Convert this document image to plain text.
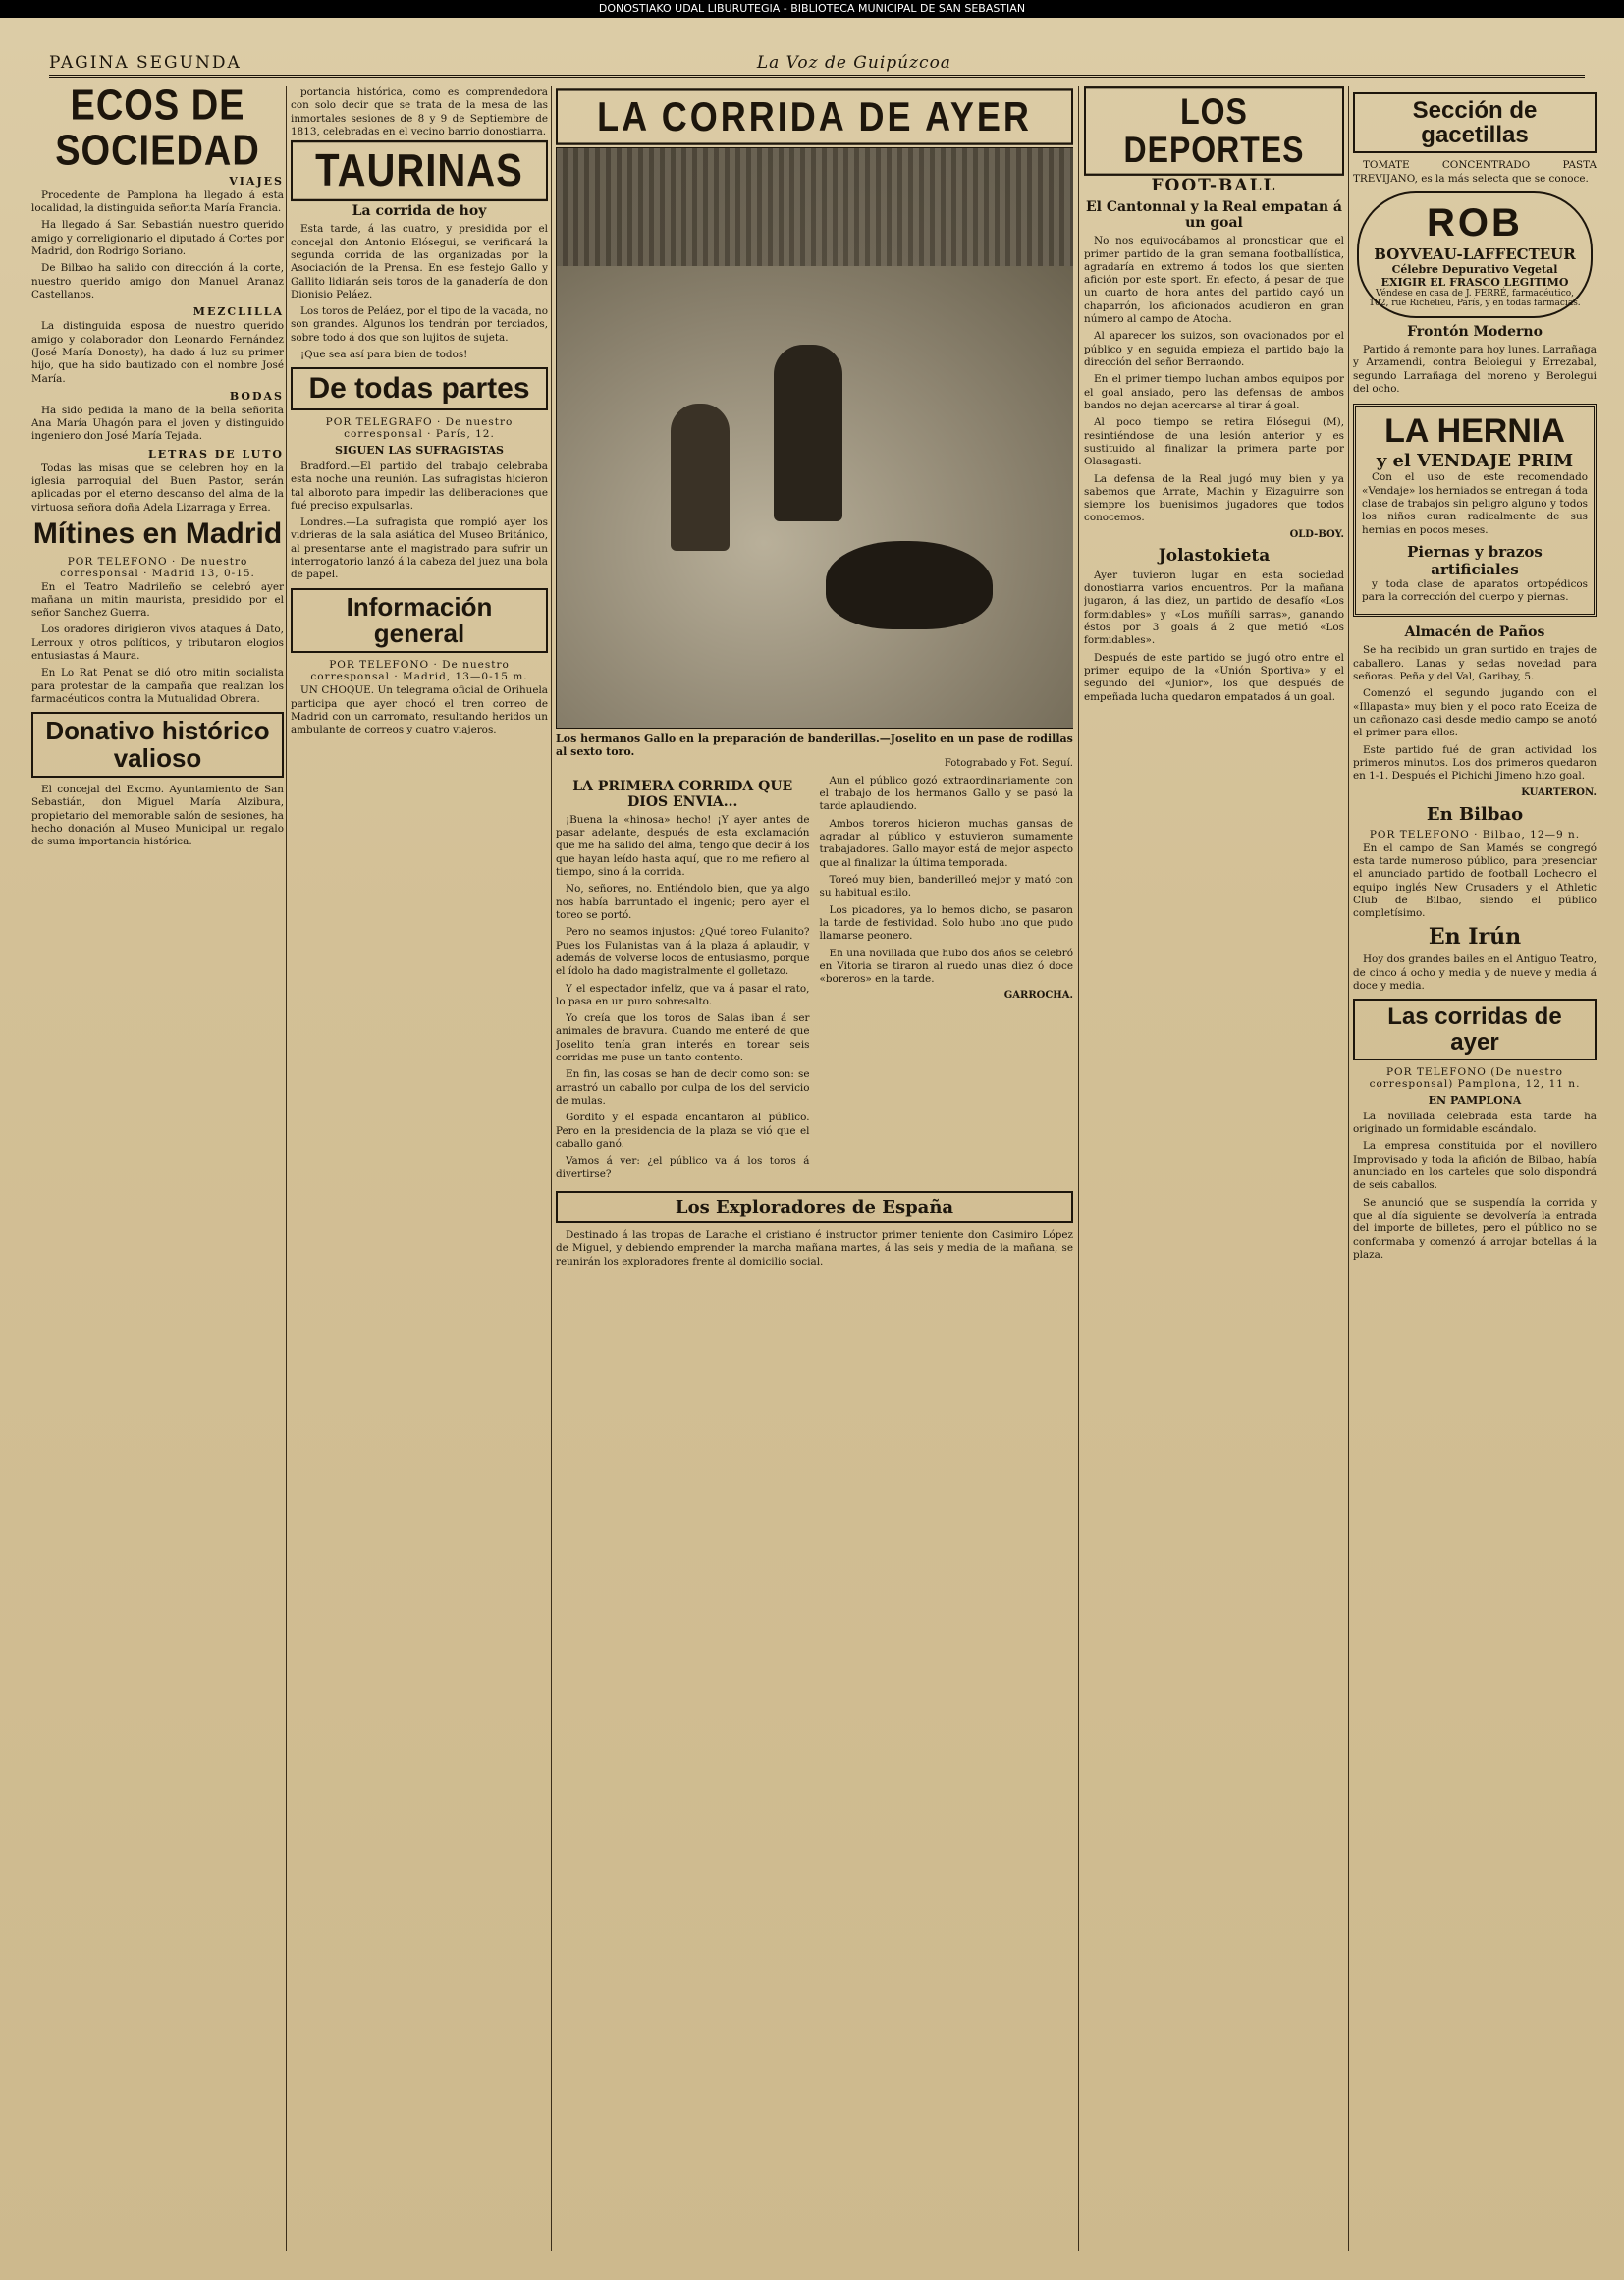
DONOSTIAKO UDAL LIBURUTEGIA - BIBLIOTECA MUNICIPAL DE SAN SEBASTIAN
PAGINA SEGUNDA	La Voz de Guipúzcoa
ECOS DE SOCIEDAD
VIAJES

Procedente de Pamplona ha llegado á esta localidad, la distinguida señorita María Francia.

Ha llegado á San Sebastián nuestro querido amigo y correligionario el diputado á Cortes por Madrid, don Rodrigo Soriano.

De Bilbao ha salido con dirección á la corte, nuestro querido amigo don Manuel Aranaz Castellanos.

MEZCLILLA

La distinguida esposa de nuestro querido amigo y colaborador don Leonardo Fernández (José María Donosty), ha dado á luz su primer hijo, que ha sido bautizado con el nombre José María.

BODAS

Ha sido pedida la mano de la bella señorita Ana María Uhagón para el joven y distinguido ingeniero don José María Tejada.

LETRAS DE LUTO

Todas las misas que se celebren hoy en la iglesia parroquial del Buen Pastor, serán aplicadas por el eterno descanso del alma de la virtuosa señora doña Adela Lizarraga y Errea.

Mítines en Madrid
POR TELEFONO · De nuestro corresponsal · Madrid 13, 0-15.

En el Teatro Madrileño se celebró ayer mañana un mitin maurista, presidido por el señor Sanchez Guerra.

Los oradores dirigieron vivos ataques á Dato, Lerroux y otros políticos, y tributaron elogios entusiastas á Maura.

En Lo Rat Penat se dió otro mitin socialista para protestar de la campaña que realizan los farmacéuticos contra la Mutualidad Obrera.

Donativo histórico valioso

El concejal del Excmo. Ayuntamiento de San Sebastián, don Miguel María Alzibura, propietario del memorable salón de sesiones, ha hecho donación al Museo Municipal un regalo de suma importancia histórica.

portancia histórica, como es comprendedora con solo decir que se trata de la mesa de las inmortales sesiones de 8 y 9 de Septiembre de 1813, celebradas en el vecino barrio donostiarra.

TAURINAS
La corrida de hoy

Esta tarde, á las cuatro, y presidida por el concejal don Antonio Elósegui, se verificará la segunda corrida de las organizadas por la Asociación de la Prensa. En ese festejo Gallo y Gallito lidiarán seis toros de la ganadería de don Dionisio Peláez.

Los toros de Peláez, por el tipo de la vacada, no son grandes. Algunos los tendrán por terciados, sobre todo á dos que son lujitos de sujeta.

¡Que sea así para bien de todos!

De todas partes
POR TELEGRAFO · De nuestro corresponsal · París, 12.
SIGUEN LAS SUFRAGISTAS

Bradford.—El partido del trabajo celebraba esta noche una reunión. Las sufragistas hicieron tal alboroto para impedir las deliberaciones que fué preciso expulsarlas.

Londres.—La sufragista que rompió ayer los vidrieras de la sala asiática del Museo Británico, al presentarse ante el magistrado para sufrir un interrogatorio lanzó á la cabeza del juez una bola de papel.

Información general
POR TELEFONO · De nuestro corresponsal · Madrid, 13—0-15 m.

UN CHOQUE. Un telegrama oficial de Orihuela participa que ayer chocó el tren correo de Madrid con un carromato, resultando heridos un ambulante de correos y cuatro viajeros.

LA CORRIDA DE AYER
Los hermanos Gallo en la preparación de banderillas.—Joselito en un pase de rodillas al sexto toro.
Fotograbado y Fot. Seguí.
LA PRIMERA CORRIDA QUE DIOS ENVIA...

¡Buena la «hinosa» hecho! ¡Y ayer antes de pasar adelante, después de esta exclamación que me ha salido del alma, tengo que decir á los que hayan leído hasta aquí, que no me refiero al tiempo, sino á la corrida.

No, señores, no. Entiéndolo bien, que ya algo nos había barruntado el ingenio; pero ayer el toreo se portó.

Pero no seamos injustos: ¿Qué toreo Fulanito? Pues los Fulanistas van á la plaza á aplaudir, y además de volverse locos de entusiasmo, porque el ídolo ha dado magistralmente el golletazo.

Y el espectador infeliz, que va á pasar el rato, lo pasa en un puro sobresalto.

Yo creía que los toros de Salas iban á ser animales de bravura. Cuando me enteré de que Joselito tenía gran interés en torear seis corridas me puse un tanto contento.

En fin, las cosas se han de decir como son: se arrastró un caballo por culpa de los del servicio de mulas.

Gordito y el espada encantaron al público. Pero en la presidencia de la plaza se vió que el caballo ganó.

Vamos á ver: ¿el público va á los toros á divertirse?

Aun el público gozó extraordinariamente con el trabajo de los hermanos Gallo y se pasó la tarde aplaudiendo.

Ambos toreros hicieron muchas gansas de agradar al público y estuvieron sumamente trabajadores. Gallo mayor está de mejor aspecto que al finalizar la última temporada.

Toreó muy bien, banderilleó mejor y mató con su habitual estilo.

Los picadores, ya lo hemos dicho, se pasaron la tarde de festividad. Solo hubo uno que pudo llamarse peonero.

En una novillada que hubo dos años se celebró en Vitoria se tiraron al ruedo unas diez ó doce «boreros» en la tarde.

GARROCHA.
Los Exploradores de España

Destinado á las tropas de Larache el cristiano é instructor primer teniente don Casimiro López de Miguel, y debiendo emprender la marcha mañana martes, á las seis y media de la mañana, se reunirán los exploradores frente al domicilio social.

LOS DEPORTES
FOOT-BALL
El Cantonnal y la Real empatan á un goal

No nos equivocábamos al pronosticar que el primer partido de la gran semana footballística, agradaría en extremo á todos los que sienten afición por este sport. En efecto, á pesar de que un cuarto de hora antes del partido cayó un chaparrón, los aficionados acudieron en gran número al campo de Atocha.

Al aparecer los suizos, son ovacionados por el público y en seguida empieza el partido bajo la dirección del señor Berraondo.

En el primer tiempo luchan ambos equipos por el goal ansiado, pero las defensas de ambos bandos no dejan acercarse al tirar á goal.

Al poco tiempo se retira Elósegui (M), resintiéndose de una lesión anterior y es sustituido al finalizar la primera parte por Olasagasti.

La defensa de la Real jugó muy bien y ya sabemos que Arrate, Machin y Eizaguirre son siempre los buenisimos jugadores que todos conocemos.

OLD-BOY.
Jolastokieta

Ayer tuvieron lugar en esta sociedad donostiarra varios encuentros. Por la mañana jugaron, á las diez, un partido de desafío «Los formidables» y «Los muñíli sarras», ganando éstos por 3 goals á 2 que metió «Los formidables».

Después de este partido se jugó otro entre el primer equipo de la «Unión Sportiva» y el segundo del «Junior», los que después de empeñada lucha quedaron empatados á un goal.

Sección de gacetillas

TOMATE CONCENTRADO PASTA TREVIJANO, es la más selecta que se conoce.

ROB
BOYVEAU-LAFFECTEUR
Célebre Depurativo Vegetal
EXIGIR EL FRASCO LEGITIMO
Véndese en casa de J. FERRÉ, farmacéutico, 102, rue Richelieu, París, y en todas farmacias.
Frontón Moderno

Partido á remonte para hoy lunes. Larrañaga y Arzamendi, contra Beloiegui y Errezabal, segundo Larrañaga del moreno y Berolegui del ocho.

LA HERNIA
y el VENDAJE PRIM

Con el uso de este recomendado «Vendaje» los herniados se entregan á toda clase de trabajos sin peligro alguno y todos los niños curan radicalmente de sus hernias en pocos meses.

Piernas y brazos artificiales

y toda clase de aparatos ortopédicos para la corrección del cuerpo y piernas.

Almacén de Paños

Se ha recibido un gran surtido en trajes de caballero. Lanas y sedas novedad para señoras. Peña y del Val, Garibay, 5.

Comenzó el segundo jugando con el «Illapasta» muy bien y el poco rato Eceiza de un cañonazo casi desde medio campo se anotó el primer para ellos.

Este partido fué de gran actividad los primeros minutos. Los dos primeros quedaron en 1-1. Después el Pichichi Jimeno hizo goal.

KUARTERON.
En Bilbao
POR TELEFONO · Bilbao, 12—9 n.

En el campo de San Mamés se congregó esta tarde numeroso público, para presenciar el anunciado partido de football Lochecro el equipo inglés New Crusaders y el Athletic Club de Bilbao, siendo el público completísimo.

En Irún

Hoy dos grandes bailes en el Antiguo Teatro, de cinco á ocho y media y de nueve y media á doce y media.

Las corridas de ayer
POR TELEFONO (De nuestro corresponsal) Pamplona, 12, 11 n.
EN PAMPLONA

La novillada celebrada esta tarde ha originado un formidable escándalo.

La empresa constituida por el novillero Improvisado y toda la afición de Bilbao, había anunciado en los carteles que solo dispondrá de seis caballos.

Se anunció que se suspendía la corrida y que al día siguiente se devolvería la entrada del importe de billetes, pero el público no se conformaba y comenzó á arrojar botellas á la plaza.
